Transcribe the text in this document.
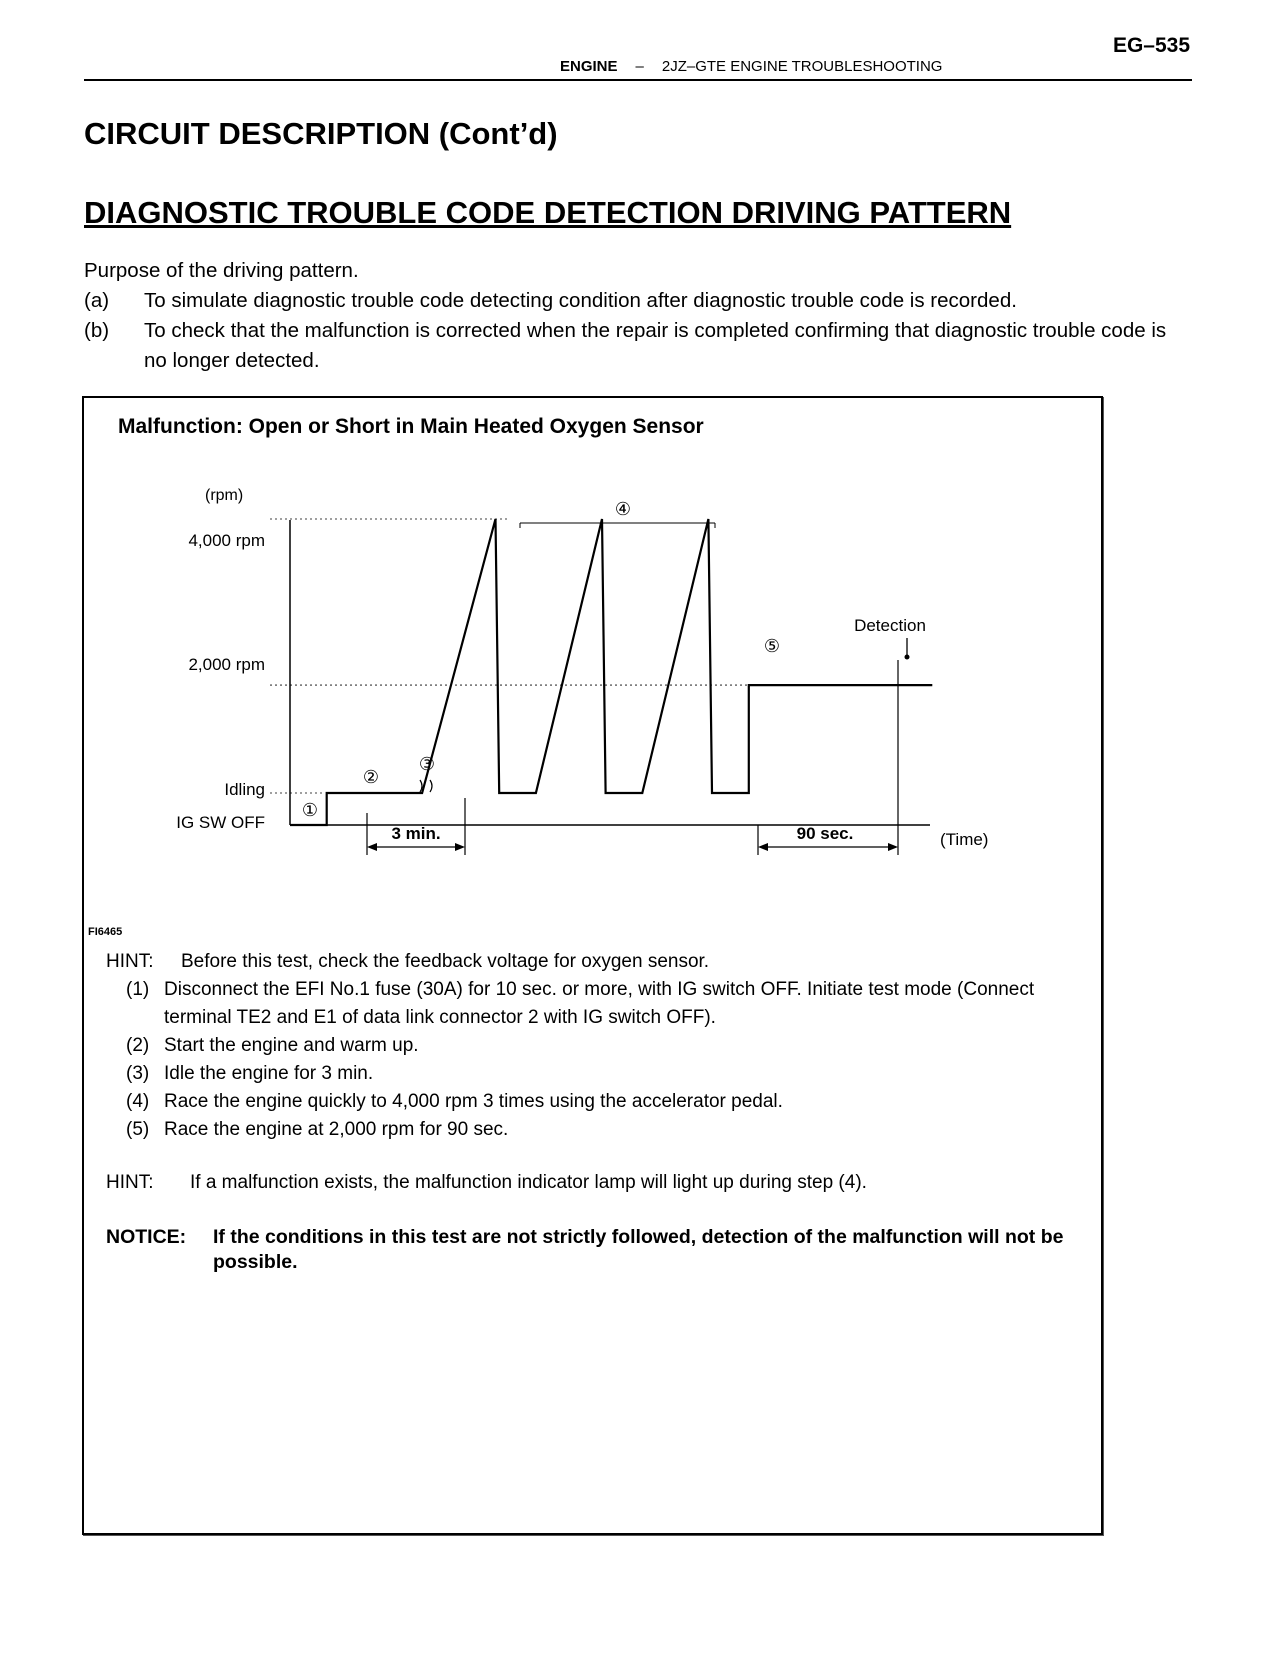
EG–535
ENGINE – 2JZ–GTE ENGINE TROUBLESHOOTING
CIRCUIT DESCRIPTION (Cont’d)
DIAGNOSTIC TROUBLE CODE DETECTION DRIVING PATTERN
Purpose of the driving pattern.
(a)	To simulate diagnostic trouble code detecting condition after diagnostic trouble code is recorded.
(b)	To check that the malfunction is corrected when the repair is completed confirming that diagnostic trouble code is no longer detected.
Malfunction: Open or Short in Main Heated Oxygen Sensor
(rpm)
4,000 rpm
2,000 rpm
Idling
IG SW OFF
3 min.	90 sec.	(Time)
①
②
③
④
⑤
Detection
FI6465
HINT: Before this test, check the feedback voltage for oxygen sensor.
(1) Disconnect the EFI No.1 fuse (30A) for 10 sec. or more, with IG switch OFF. Initiate test mode (Connect terminal TE2 and E1 of data link connector 2 with IG switch OFF).
(2) Start the engine and warm up.
(3) Idle the engine for 3 min.
(4) Race the engine quickly to 4,000 rpm 3 times using the accelerator pedal.
(5) Race the engine at 2,000 rpm for 90 sec.
HINT: If a malfunction exists, the malfunction indicator lamp will light up during step (4).
NOTICE:	If the conditions in this test are not strictly followed, detection of the malfunction will not be possible.
